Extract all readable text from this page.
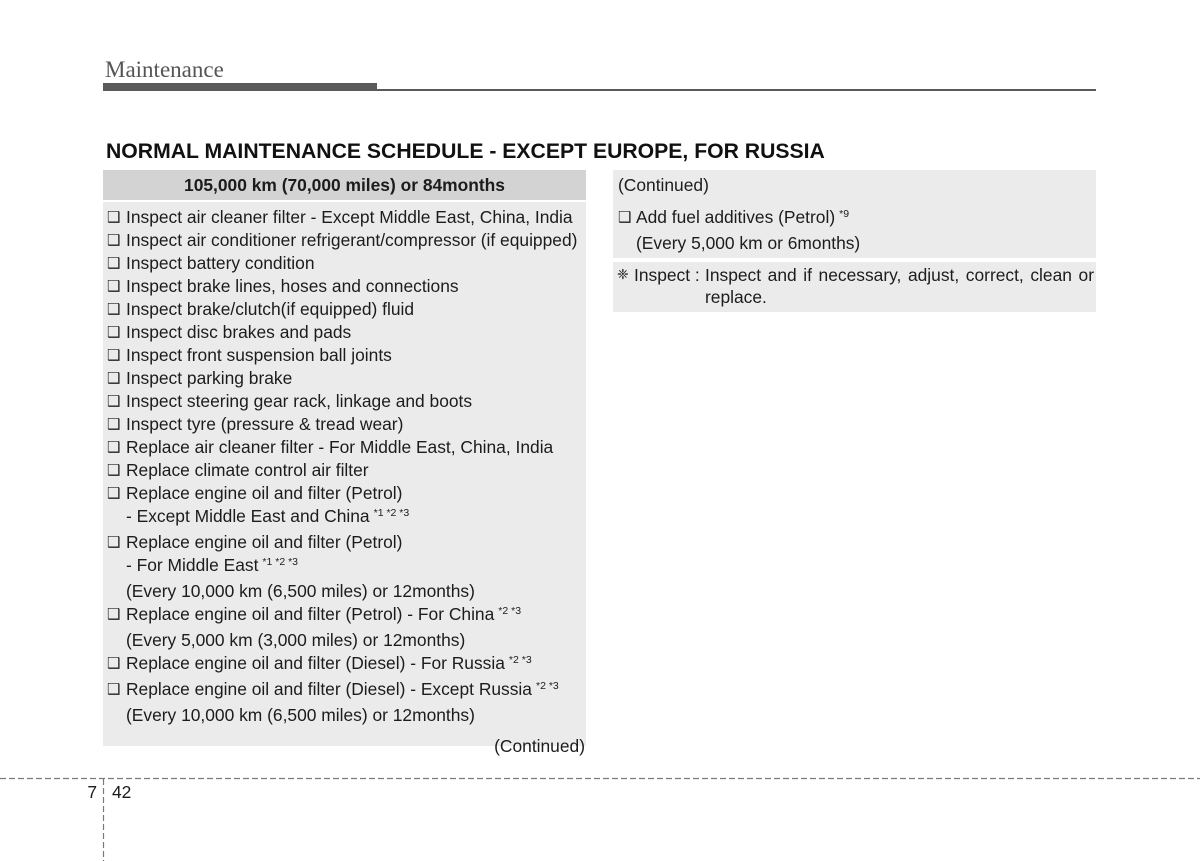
Maintenance
NORMAL MAINTENANCE SCHEDULE - EXCEPT EUROPE, FOR RUSSIA
105,000 km (70,000 miles) or 84months
❑ Inspect air cleaner filter - Except Middle East, China, India
❑ Inspect air conditioner refrigerant/compressor (if equipped)
❑ Inspect battery condition
❑ Inspect brake lines, hoses and connections
❑ Inspect brake/clutch(if equipped) fluid
❑ Inspect disc brakes and pads
❑ Inspect front suspension ball joints
❑ Inspect parking brake
❑ Inspect steering gear rack, linkage and boots
❑ Inspect tyre (pressure & tread wear)
❑ Replace air cleaner filter - For Middle East, China, India
❑ Replace climate control air filter
❑ Replace engine oil and filter (Petrol)
- Except Middle East and China $^{*1 *2 *3}$
❑ Replace engine oil and filter (Petrol)
- For Middle East $^{*1 *2 *3}$
(Every 10,000 km (6,500 miles) or 12months)
❑ Replace engine oil and filter (Petrol) - For China $^{*2 *3}$
(Every 5,000 km (3,000 miles) or 12months)
❑ Replace engine oil and filter (Diesel) - For Russia $^{*2 *3}$
❑ Replace engine oil and filter (Diesel) - Except Russia $^{*2 *3}$
(Every 10,000 km (6,500 miles) or 12months)
(Continued)
(Continued)
❑ Add fuel additives (Petrol) $^{*9}$
(Every 5,000 km or 6months)
❈ Inspect : Inspect and if necessary, adjust, correct, clean or replace.
7 42
